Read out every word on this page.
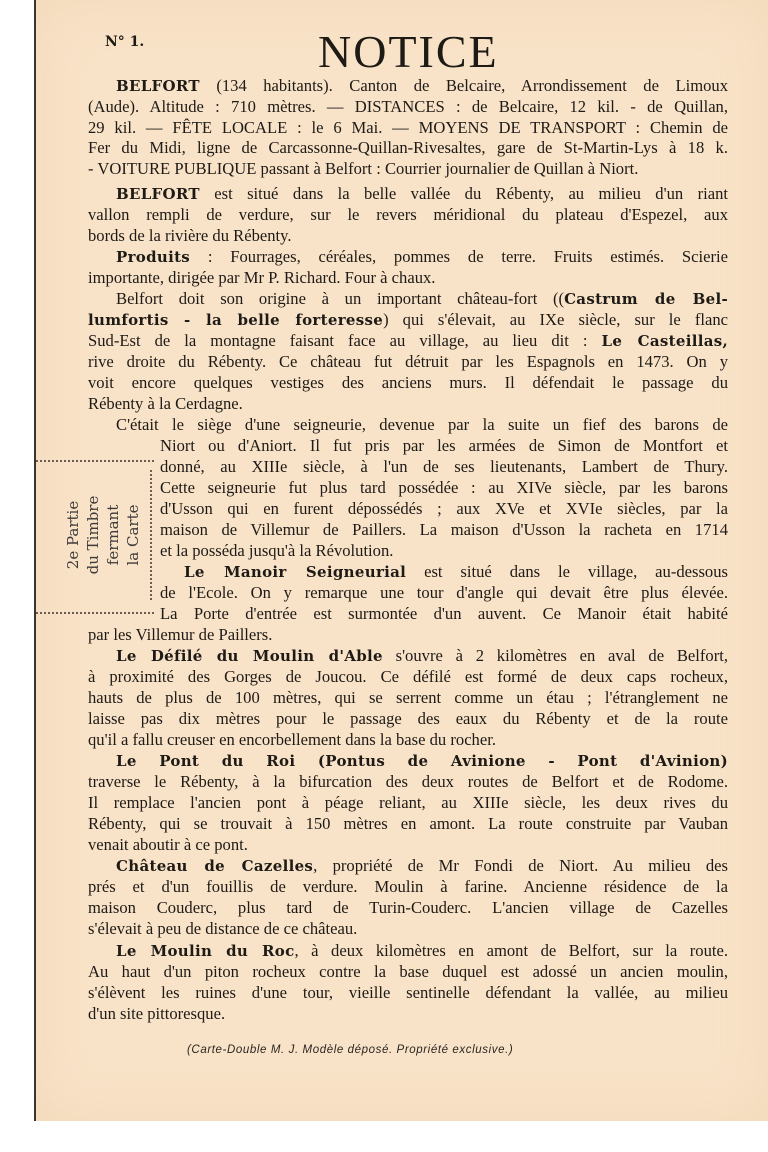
N° 1.	NOTICE
2e Partie du Timbre fermant la Carte
BELFORT (134 habitants). Canton de Belcaire, Arrondissement de Limoux
(Aude). Altitude : 710 mètres. — DISTANCES : de Belcaire, 12 kil. - de Quillan,
29 kil. — FÊTE LOCALE : le 6 Mai. — MOYENS DE TRANSPORT : Chemin de
Fer du Midi, ligne de Carcassonne-Quillan-Rivesaltes, gare de St-Martin-Lys à 18 k.
- VOITURE PUBLIQUE passant à Belfort : Courrier journalier de Quillan à Niort.
BELFORT est situé dans la belle vallée du Rébenty, au milieu d'un riant
vallon rempli de verdure, sur le revers méridional du plateau d'Espezel, aux
bords de la rivière du Rébenty.
Produits : Fourrages, céréales, pommes de terre. Fruits estimés. Scierie
importante, dirigée par Mr P. Richard. Four à chaux.
Belfort doit son origine à un important château-fort ((Castrum de Bel-
lumfortis - la belle forteresse) qui s'élevait, au IXe siècle, sur le flanc
Sud-Est de la montagne faisant face au village, au lieu dit : Le Casteillas,
rive droite du Rébenty. Ce château fut détruit par les Espagnols en 1473. On y
voit encore quelques vestiges des anciens murs. Il défendait le passage du
Rébenty à la Cerdagne.
C'était le siège d'une seigneurie, devenue par la suite un fief des barons de
Niort ou d'Aniort. Il fut pris par les armées de Simon de Montfort et
donné, au XIIIe siècle, à l'un de ses lieutenants, Lambert de Thury.
Cette seigneurie fut plus tard possédée : au XIVe siècle, par les barons
d'Usson qui en furent dépossédés ; aux XVe et XVIe siècles, par la
maison de Villemur de Paillers. La maison d'Usson la racheta en 1714
et la posséda jusqu'à la Révolution.
Le Manoir Seigneurial est situé dans le village, au-dessous
de l'Ecole. On y remarque une tour d'angle qui devait être plus élevée.
La Porte d'entrée est surmontée d'un auvent. Ce Manoir était habité
par les Villemur de Paillers.
Le Défilé du Moulin d'Able s'ouvre à 2 kilomètres en aval de Belfort,
à proximité des Gorges de Joucou. Ce défilé est formé de deux caps rocheux,
hauts de plus de 100 mètres, qui se serrent comme un étau ; l'étranglement ne
laisse pas dix mètres pour le passage des eaux du Rébenty et de la route
qu'il a fallu creuser en encorbellement dans la base du rocher.
Le Pont du Roi (Pontus de Avinione - Pont d'Avinion)
traverse le Rébenty, à la bifurcation des deux routes de Belfort et de Rodome.
Il remplace l'ancien pont à péage reliant, au XIIIe siècle, les deux rives du
Rébenty, qui se trouvait à 150 mètres en amont. La route construite par Vauban
venait aboutir à ce pont.
Château de Cazelles, propriété de Mr Fondi de Niort. Au milieu des
prés et d'un fouillis de verdure. Moulin à farine. Ancienne résidence de la
maison Couderc, plus tard de Turin-Couderc. L'ancien village de Cazelles
s'élevait à peu de distance de ce château.
Le Moulin du Roc, à deux kilomètres en amont de Belfort, sur la route.
Au haut d'un piton rocheux contre la base duquel est adossé un ancien moulin,
s'élèvent les ruines d'une tour, vieille sentinelle défendant la vallée, au milieu
d'un site pittoresque.
(Carte-Double M. J. Modèle déposé. Propriété exclusive.)
